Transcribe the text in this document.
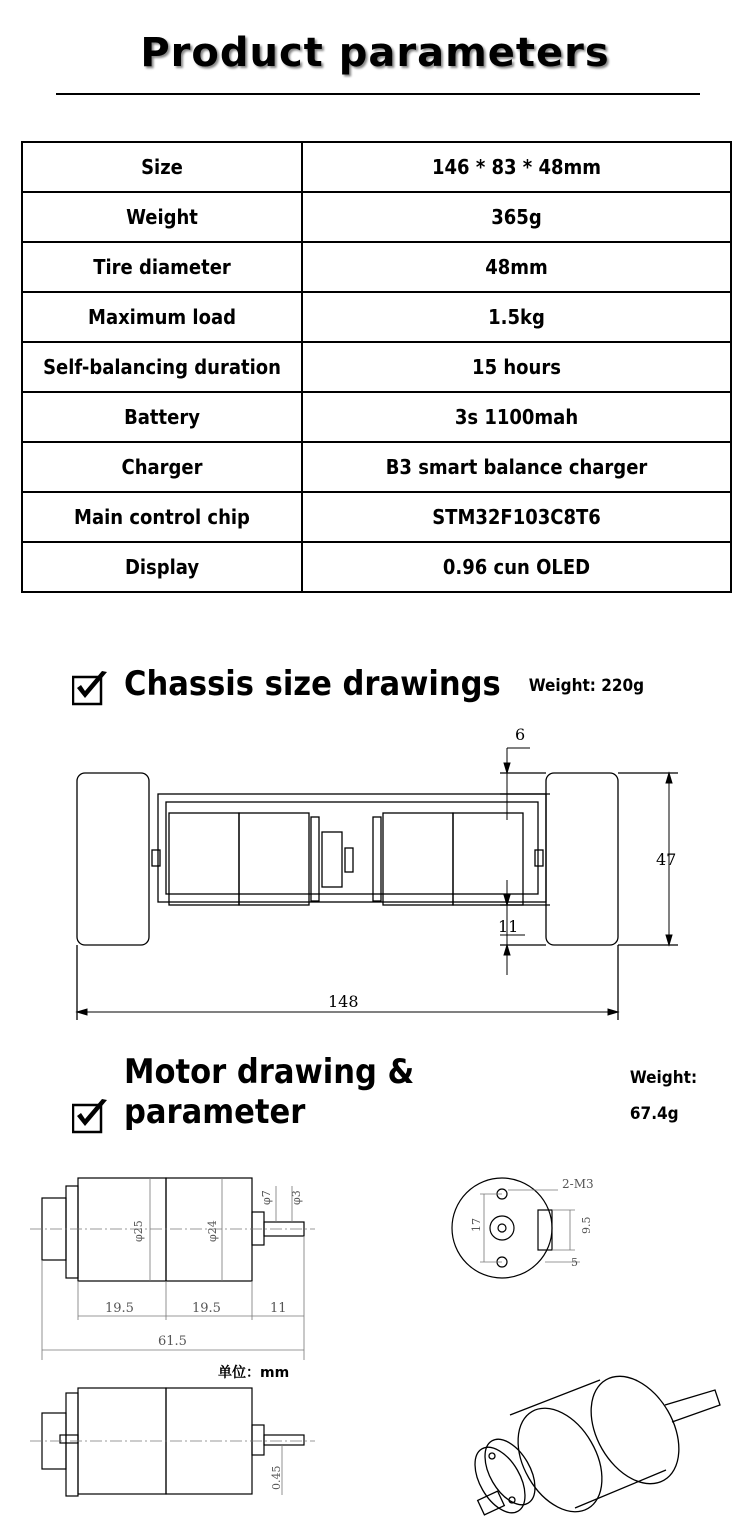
Product parameters
Size	146 * 83 * 48mm
Weight	365g
Tire diameter	48mm
Maximum load	1.5kg
Self-balancing duration	15 hours
Battery	3s 1100mah
Charger	B3 smart balance charger
Main control chip	STM32F103C8T6
Display	0.96 cun OLED
Chassis size drawings Weight: 220g
6
47
11
148
Motor drawing & parameter
Weight: 67.4g
19.5	19.5	11
61.5
φ25	φ24
φ7 φ3
单位：mm
2-M3
17	9.5
5
0.45
